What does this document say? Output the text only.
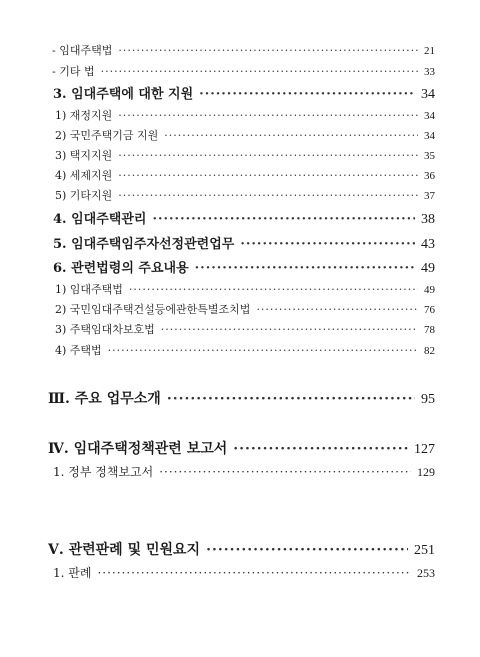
- 임대주택법 ·····	21
- 기타 법 ·····	33
3. 임대주택에 대한 지원 ·····	34
1) 재정지원 ·····	34
2) 국민주택기금 지원 ·····	34
3) 택지지원 ·····	35
4) 세제지원 ·····	36
5) 기타지원 ·····	37
4. 임대주택관리 ·····	38
5. 임대주택임주자선정관련업무 ·····	43
6. 관련법령의 주요내용 ·····	49
1) 임대주택법 ·····	49
2) 국민임대주택건설등에관한특별조치법 ·····	76
3) 주택임대차보호법 ·····	78
4) 주택법 ·····	82
Ⅲ. 주요 업무소개 ·····	95
Ⅳ. 임대주택정책관련 보고서 ·····	127
1. 정부 정책보고서 ·····	129
Ⅴ. 관련판례 및 민원요지 ·····	251
1. 판례 ·····	253
